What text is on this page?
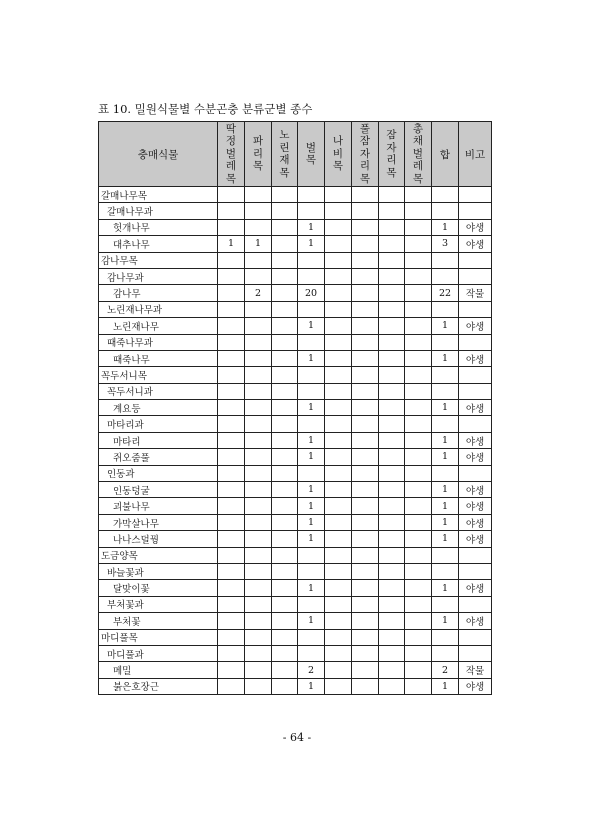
표 10. 밀원식물별 수분곤충 분류군별 종수
충매식물	딱정벌레목	파리목	노린재목	벌목	나비목	풀잠자리목	잠자리목	총채벌레목	합	비고
갈매나무목										
갈매나무과										
헛개나무				1					1	야생
대추나무	1	1		1					3	야생
감나무목										
감나무과										
감나무		2		20					22	작물
노린재나무과										
노린재나무				1					1	야생
때죽나무과										
때죽나무				1					1	야생
꼭두서니목										
꼭두서니과										
계요등				1					1	야생
마타리과										
마타리				1					1	야생
쥐오줌풀				1					1	야생
인동과										
인동덩굴				1					1	야생
괴불나무				1					1	야생
가막살나무				1					1	야생
나나스덜꿩				1					1	야생
도금양목										
바늘꽃과										
달맞이꽃				1					1	야생
부처꽃과										
부처꽃				1					1	야생
마디풀목										
마디풀과										
메밀				2					2	작물
붉은호장근				1					1	야생
- 64 -
